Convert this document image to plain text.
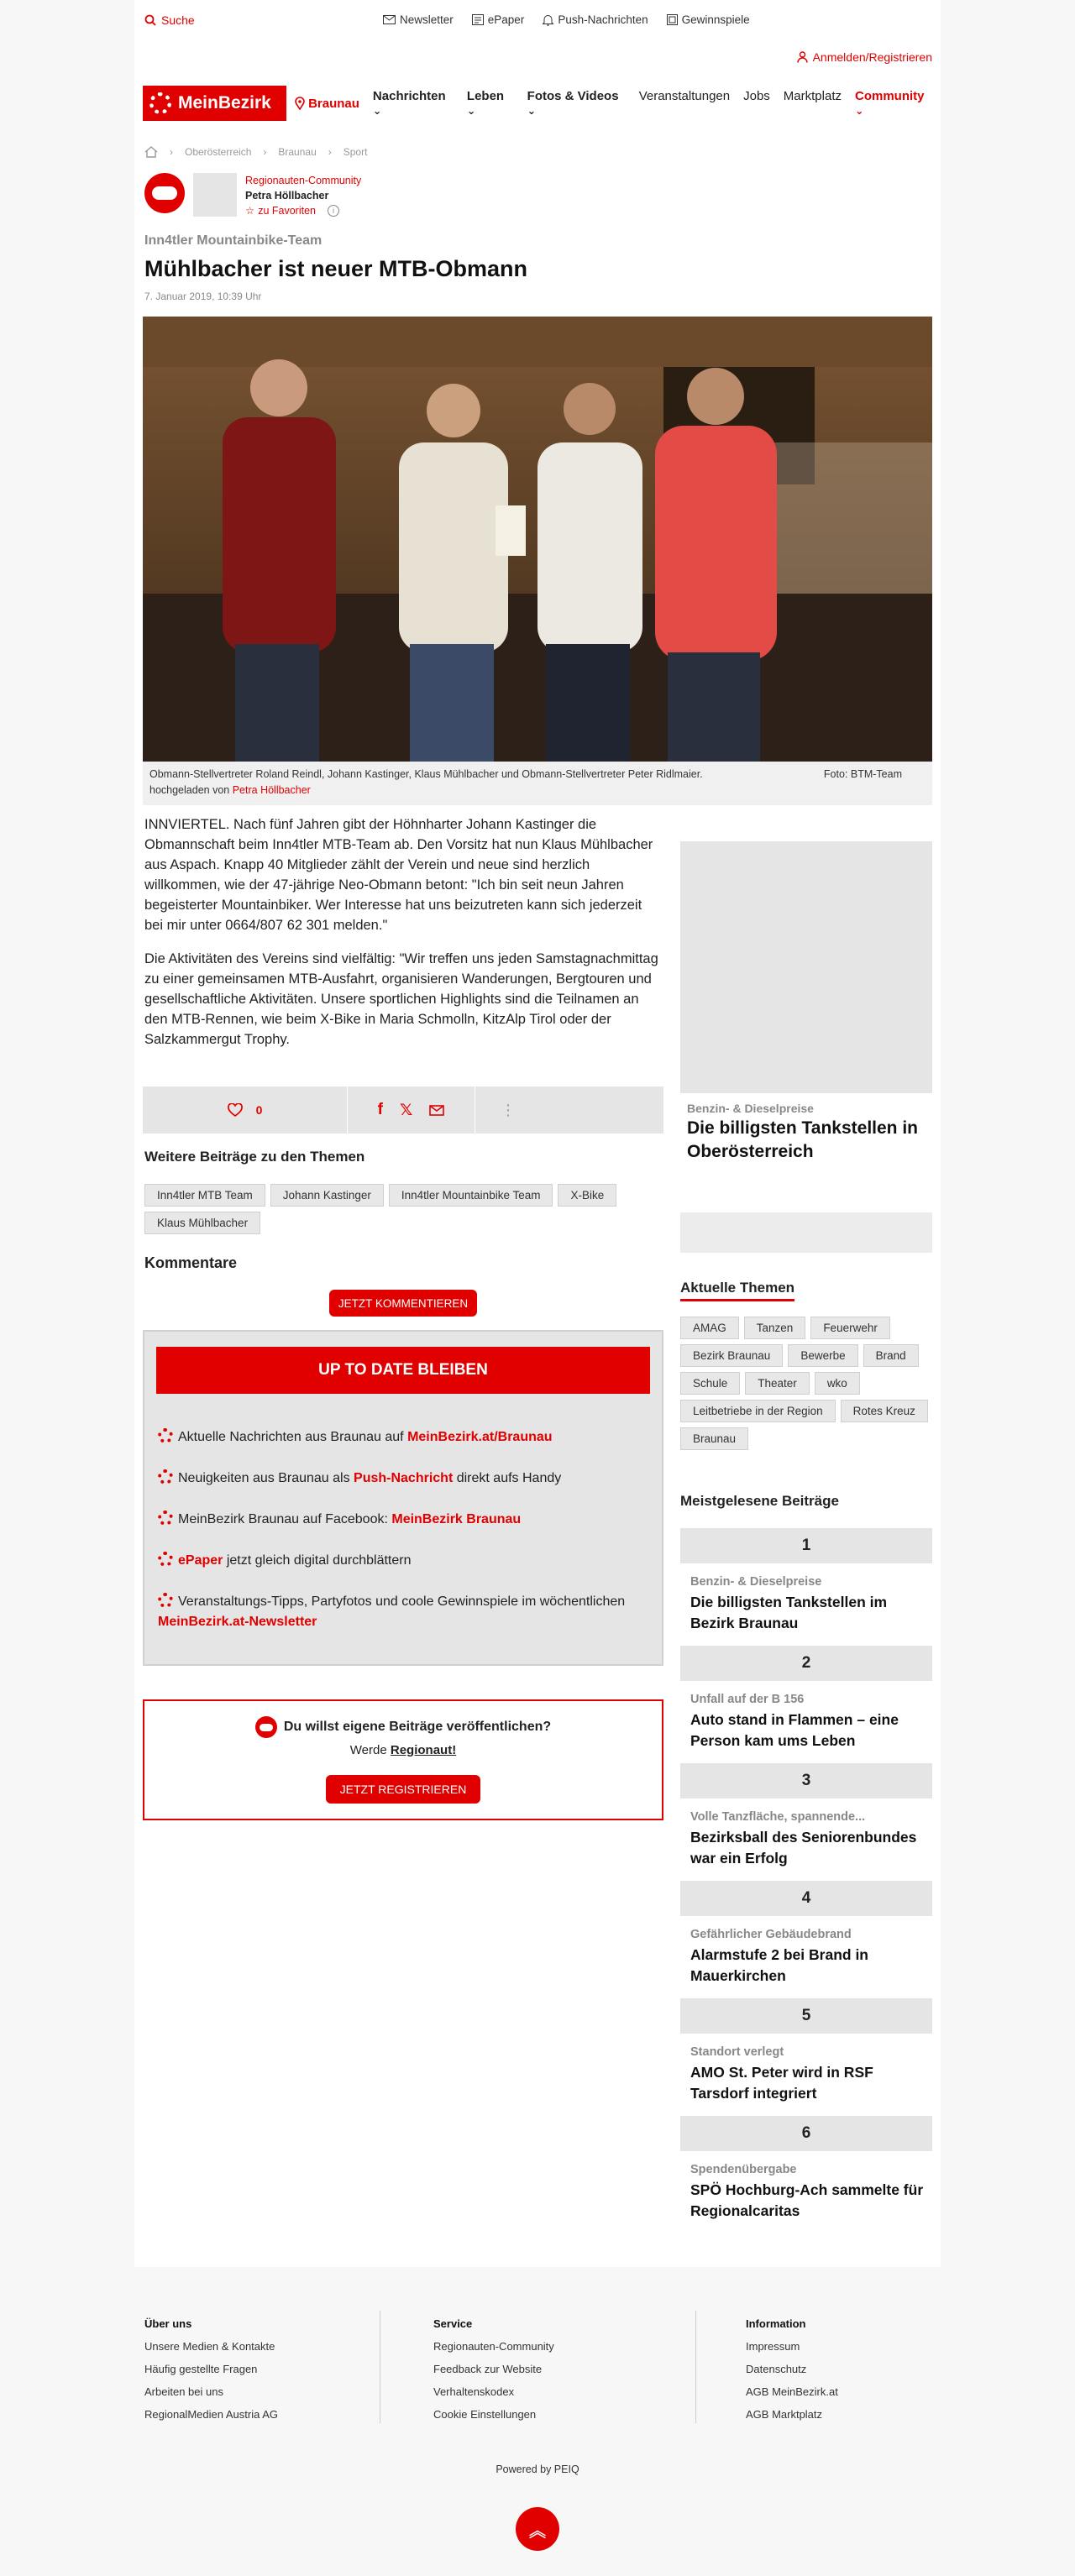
Suche	Newsletter	ePaper	Push-Nachrichten	Gewinnspiele
Anmelden/Registrieren
MeinBezirk	Braunau Nachrichten ⌄
Leben ⌄
Fotos & Videos ⌄
Veranstaltungen Jobs Marktplatz Community ⌄
› Oberösterreich › Braunau › Sport
Regionauten-Community
Petra Höllbacher
☆ zu Favoriten	i
Inn4tler Mountainbike-Team
Mühlbacher ist neuer MTB-Obmann
7. Januar 2019, 10:39 Uhr
Obmann-Stellvertreter Roland Reindl, Johann Kastinger, Klaus Mühlbacher und Obmann-Stellvertreter Peter Ridlmaier.	Foto: BTM-Team
hochgeladen von Petra Höllbacher

INNVIERTEL. Nach fünf Jahren gibt der Höhnharter Johann Kastinger die Obmannschaft beim Inn4tler MTB-Team ab. Den Vorsitz hat nun Klaus Mühlbacher aus Aspach. Knapp 40 Mitglieder zählt der Verein und neue sind herzlich willkommen, wie der 47-jährige Neo-Obmann betont: "Ich bin seit neun Jahren begeisterter Mountainbiker. Wer Interesse hat uns beizutreten kann sich jederzeit bei mir unter 0664/807 62 301 melden."

Die Aktivitäten des Vereins sind vielfältig: "Wir treffen uns jeden Samstagnachmittag zu einer gemeinsamen MTB-Ausfahrt, organisieren Wanderungen, Bergtouren und gesellschaftliche Aktivitäten. Unsere sportlichen Highlights sind die Teilnamen an den MTB-Rennen, wie beim X-Bike in Maria Schmolln, KitzAlp Tirol oder der Salzkammergut Trophy.

Benzin- & Dieselpreise
Die billigsten Tankstellen in Oberösterreich
0	f 𝕏	⋮
Weitere Beiträge zu den Themen
Inn4tler MTB Team	Johann Kastinger	Inn4tler Mountainbike Team	X-Bike
Klaus Mühlbacher
Kommentare
JETZT KOMMENTIEREN
UP TO DATE BLEIBEN
Aktuelle Nachrichten aus Braunau auf MeinBezirk.at/Braunau
Neuigkeiten aus Braunau als Push-Nachricht direkt aufs Handy
MeinBezirk Braunau auf Facebook: MeinBezirk Braunau
ePaper jetzt gleich digital durchblättern
Veranstaltungs-Tipps, Partyfotos und coole Gewinnspiele im wöchentlichen MeinBezirk.at-Newsletter
Du willst eigene Beiträge veröffentlichen?
Werde Regionaut!
JETZT REGISTRIEREN
Aktuelle Themen
AMAG	Tanzen	Feuerwehr
Bezirk Braunau	Bewerbe	Brand
Schule	Theater	wko
Leitbetriebe in der Region	Rotes Kreuz
Braunau
Meistgelesene Beiträge
1
Benzin- & Dieselpreise
Die billigsten Tankstellen im Bezirk Braunau
2
Unfall auf der B 156
Auto stand in Flammen – eine Person kam ums Leben
3
Volle Tanzfläche, spannende...
Bezirksball des Seniorenbundes war ein Erfolg
4
Gefährlicher Gebäudebrand
Alarmstufe 2 bei Brand in Mauerkirchen
5
Standort verlegt
AMO St. Peter wird in RSF Tarsdorf integriert
6
Spendenübergabe
SPÖ Hochburg-Ach sammelte für Regionalcaritas
Über uns
Unsere Medien & Kontakte
Häufig gestellte Fragen
Arbeiten bei uns
RegionalMedien Austria AG
Service
Regionauten-Community
Feedback zur Website
Verhaltenskodex
Cookie Einstellungen
Information
Impressum
Datenschutz
AGB MeinBezirk.at
AGB Marktplatz
Powered by PEIQ
︽
